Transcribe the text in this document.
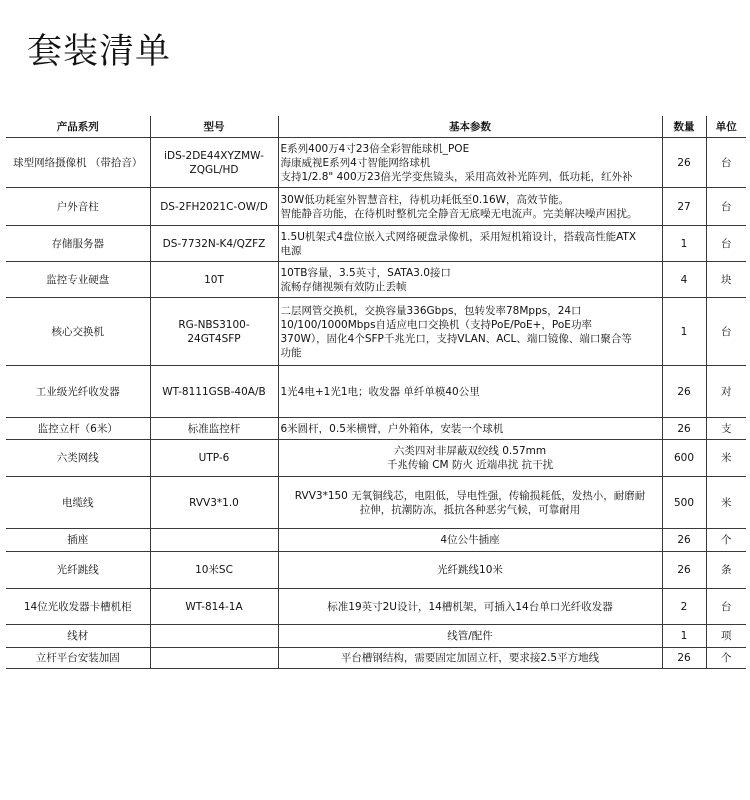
套装清单
产品系列	型号	基本参数	数量	单位
球型网络摄像机 （带拾音）	iDS-2DE44XYZMW-ZQGL/HD	E系列400万4寸23倍全彩智能球机_POE
海康威视E系列4寸智能网络球机
支持1/2.8" 400万23倍光学变焦镜头，采用高效补光阵列，低功耗，红外补	26	台
户外音柱	DS-2FH2021C-OW/D	30W低功耗室外智慧音柱，待机功耗低至0.16W，高效节能。
智能静音功能，在待机时整机完全静音无底噪无电流声。完美解决噪声困扰。	27	台
存储服务器	DS-7732N-K4/QZFZ	1.5U机架式4盘位嵌入式网络硬盘录像机，采用短机箱设计，搭载高性能ATX
电源	1	台
监控专业硬盘	10T	10TB容量，3.5英寸，SATA3.0接口
流畅存储视频有效防止丢帧	4	块
核心交换机	RG-NBS3100-24GT4SFP	二层网管交换机，交换容量336Gbps，包转发率78Mpps，24口
10/100/1000Mbps自适应电口交换机（支持PoE/PoE+，PoE功率
370W），固化4个SFP千兆光口，支持VLAN、ACL、端口镜像、端口聚合等
功能	1	台
工业级光纤收发器	WT-8111GSB-40A/B	1光4电+1光1电；收发器 单纤单模40公里	26	对
监控立杆（6米）	标准监控杆	6米圆杆，0.5米横臂，户外箱体，安装一个球机	26	支
六类网线	UTP-6	六类四对非屏蔽双绞线 0.57mm
千兆传输 CM 防火 近端串扰 抗干扰	600	米
电缆线	RVV3*1.0	RVV3*150 无氧铜线芯，电阻低，导电性强，传输损耗低，发热小，耐磨耐
拉伸，抗潮防冻，抵抗各种恶劣气候，可靠耐用	500	米
插座		4位公牛插座	26	个
光纤跳线	10米SC	光纤跳线10米	26	条
14位光收发器卡槽机柜	WT-814-1A	标准19英寸2U设计，14槽机架，可插入14台单口光纤收发器	2	台
线材		线管/配件	1	项
立杆平台安装加固		平台槽钢结构，需要固定加固立杆，要求接2.5平方地线	26	个
